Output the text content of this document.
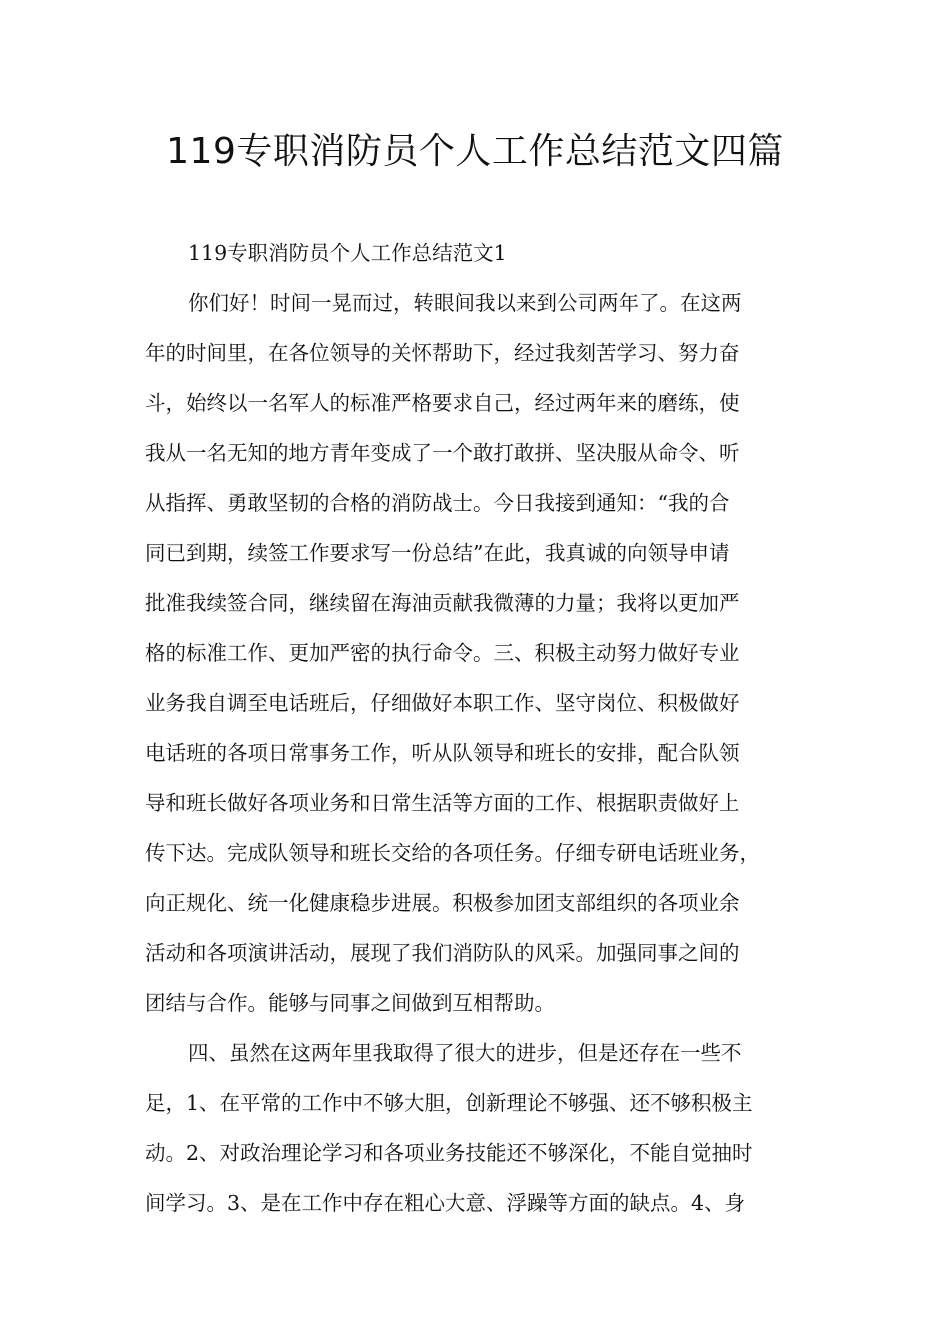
119专职消防员个人工作总结范文四篇
119专职消防员个人工作总结范文1
你们好！时间一晃而过，转眼间我以来到公司两年了。在这两
年的时间里，在各位领导的关怀帮助下，经过我刻苦学习、努力奋
斗，始终以一名军人的标准严格要求自己，经过两年来的磨练，使
我从一名无知的地方青年变成了一个敢打敢拼、坚决服从命令、听
从指挥、勇敢坚韧的合格的消防战士。今日我接到通知：“我的合
同已到期，续签工作要求写一份总结”在此，我真诚的向领导申请
批准我续签合同，继续留在海油贡献我微薄的力量；我将以更加严
格的标准工作、更加严密的执行命令。三、积极主动努力做好专业
业务我自调至电话班后，仔细做好本职工作、坚守岗位、积极做好
电话班的各项日常事务工作，听从队领导和班长的安排，配合队领
导和班长做好各项业务和日常生活等方面的工作、根据职责做好上
传下达。完成队领导和班长交给的各项任务。仔细专研电话班业务，
向正规化、统一化健康稳步进展。积极参加团支部组织的各项业余
活动和各项演讲活动，展现了我们消防队的风采。加强同事之间的
团结与合作。能够与同事之间做到互相帮助。
四、虽然在这两年里我取得了很大的进步，但是还存在一些不
足，1、在平常的工作中不够大胆，创新理论不够强、还不够积极主
动。2、对政治理论学习和各项业务技能还不够深化，不能自觉抽时
间学习。3、是在工作中存在粗心大意、浮躁等方面的缺点。4、身
